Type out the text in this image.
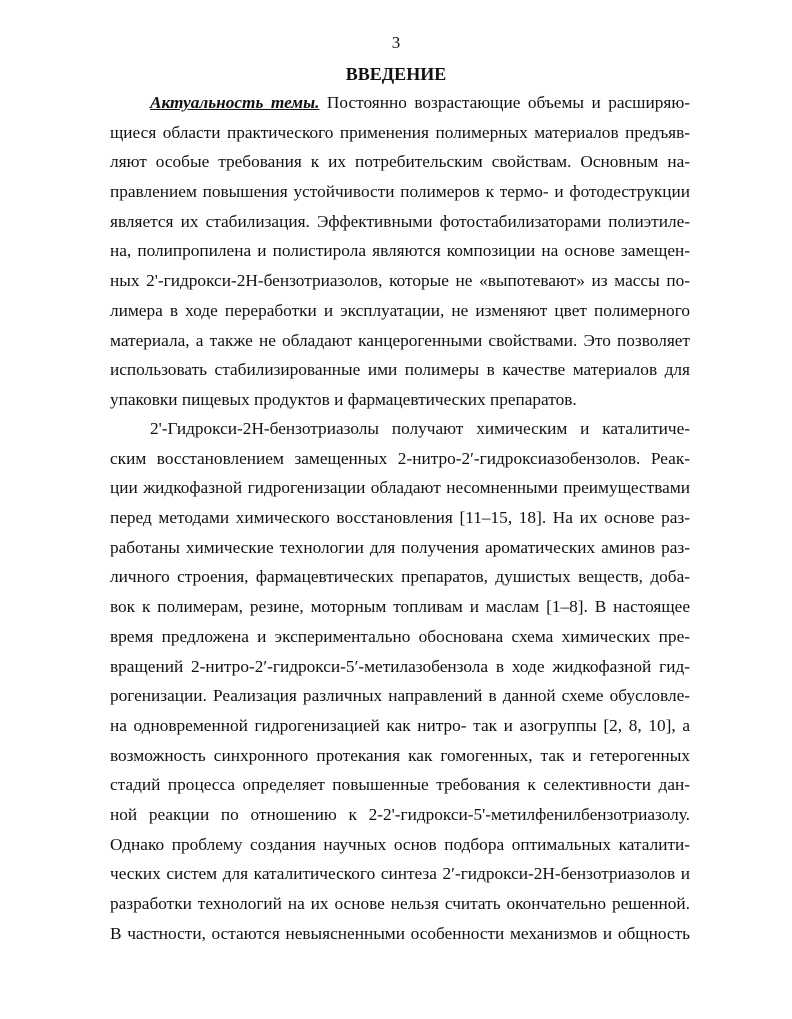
3
ВВЕДЕНИЕ
Актуальность темы. Постоянно возрастающие объемы и расширяю-
щиеся области практического применения полимерных материалов предъяв-
ляют особые требования к их потребительским свойствам. Основным на-
правлением повышения устойчивости полимеров к термо- и фотодеструкции
является их стабилизация. Эффективными фотостабилизаторами полиэтиле-
на, полипропилена и полистирола являются композиции на основе замещен-
ных 2'-гидрокси-2Н-бензотриазолов, которые не «выпотевают» из массы по-
лимера в ходе переработки и эксплуатации, не изменяют цвет полимерного
материала, а также не обладают канцерогенными свойствами. Это позволяет
использовать стабилизированные ими полимеры в качестве материалов для
упаковки пищевых продуктов и фармацевтических препаратов.
2'-Гидрокси-2Н-бензотриазолы получают химическим и каталитиче-
ским восстановлением замещенных 2-нитро-2′-гидроксиазобензолов. Реак-
ции жидкофазной гидрогенизации обладают несомненными преимуществами
перед методами химического восстановления [11–15, 18]. На их основе раз-
работаны химические технологии для получения ароматических аминов раз-
личного строения, фармацевтических препаратов, душистых веществ, доба-
вок к полимерам, резине, моторным топливам и маслам [1–8]. В настоящее
время предложена и экспериментально обоснована схема химических пре-
вращений 2-нитро-2′-гидрокси-5′-метилазобензола в ходе жидкофазной гид-
рогенизации. Реализация различных направлений в данной схеме обусловле-
на одновременной гидрогенизацией как нитро- так и азогруппы [2, 8, 10], а
возможность синхронного протекания как гомогенных, так и гетерогенных
стадий процесса определяет повышенные требования к селективности дан-
ной реакции по отношению к 2-2'-гидрокси-5'-метилфенилбензотриазолу.
Однако проблему создания научных основ подбора оптимальных каталити-
ческих систем для каталитического синтеза 2′-гидрокси-2Н-бензотриазолов и
разработки технологий на их основе нельзя считать окончательно решенной.
В частности, остаются невыясненными особенности механизмов и общность
